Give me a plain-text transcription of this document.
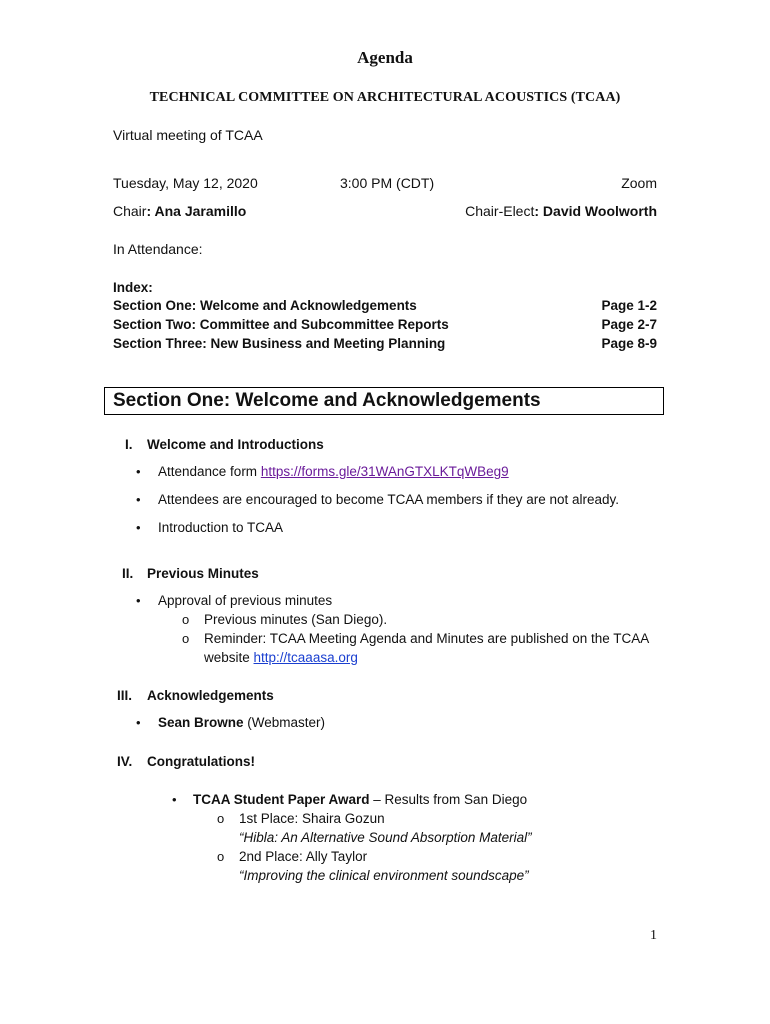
Agenda
TECHNICAL COMMITTEE ON ARCHITECTURAL ACOUSTICS (TCAA)
Virtual meeting of TCAA
Tuesday, May 12, 2020	3:00 PM (CDT)	Zoom
Chair: Ana Jaramillo	Chair-Elect: David Woolworth
In Attendance:
Index:
Section One: Welcome and Acknowledgements	Page 1-2
Section Two: Committee and Subcommittee Reports	Page 2-7
Section Three: New Business and Meeting Planning	Page 8-9
Section One: Welcome and Acknowledgements
I. Welcome and Introductions
• Attendance form https://forms.gle/31WAnGTXLKTqWBeg9
• Attendees are encouraged to become TCAA members if they are not already.
• Introduction to TCAA
II. Previous Minutes
• Approval of previous minutes
o Previous minutes (San Diego).
o Reminder: TCAA Meeting Agenda and Minutes are published on the TCAA
website http://tcaaasa.org
III. Acknowledgements
• Sean Browne (Webmaster)
IV. Congratulations!
• TCAA Student Paper Award – Results from San Diego
o 1st Place: Shaira Gozun
“Hibla: An Alternative Sound Absorption Material”
o 2nd Place: Ally Taylor
“Improving the clinical environment soundscape”
1
